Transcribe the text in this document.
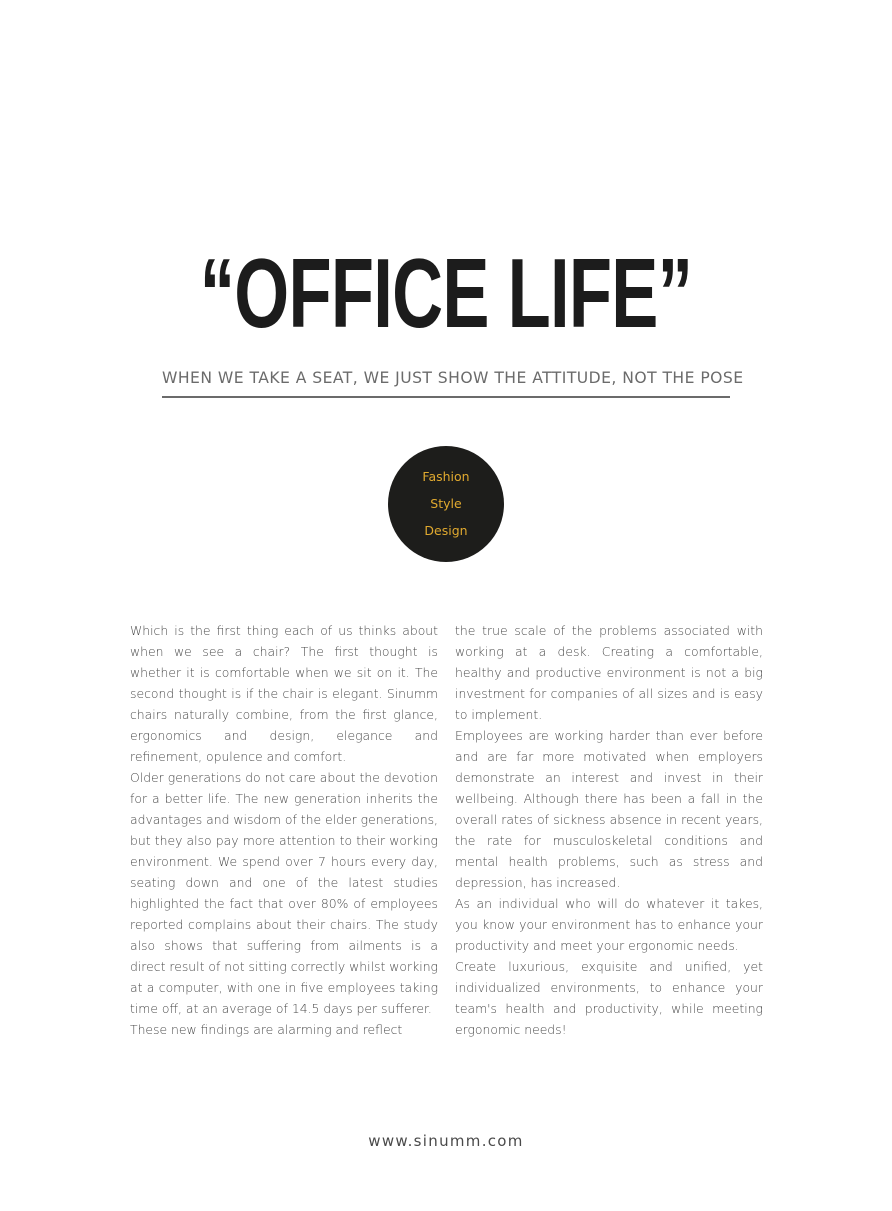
“OFFICE LIFE”
WHEN WE TAKE A SEAT, WE JUST SHOW THE ATTITUDE, NOT THE POSE
Fashion
Style
Design

Which is the first thing each of us thinks about when we see a chair? The first thought is whether it is comfortable when we sit on it. The second thought is if the chair is elegant. Sinumm chairs naturally combine, from the first glance, ergonomics and design, elegance and refinement, opulence and comfort.

Older generations do not care about the devotion for a better life. The new generation inherits the advantages and wisdom of the elder generations, but they also pay more attention to their working environment. We spend over 7 hours every day, seating down and one of the latest studies highlighted the fact that over 80% of employees reported complains about their chairs. The study also shows that suffering from ailments is a direct result of not sitting correctly whilst working at a computer, with one in five employees taking time off, at an average of 14.5 days per sufferer.

These new findings are alarming and reflect

the true scale of the problems associated with working at a desk. Creating a comfortable, healthy and productive environment is not a big investment for companies of all sizes and is easy to implement.

Employees are working harder than ever before and are far more motivated when employers demonstrate an interest and invest in their wellbeing. Although there has been a fall in the overall rates of sickness absence in recent years, the rate for musculoskeletal conditions and mental health problems, such as stress and depression, has increased.

As an individual who will do whatever it takes, you know your environment has to enhance your productivity and meet your ergonomic needs.

Create luxurious, exquisite and unified, yet individualized environments, to enhance your team's health and productivity, while meeting ergonomic needs!

www.sinumm.com
